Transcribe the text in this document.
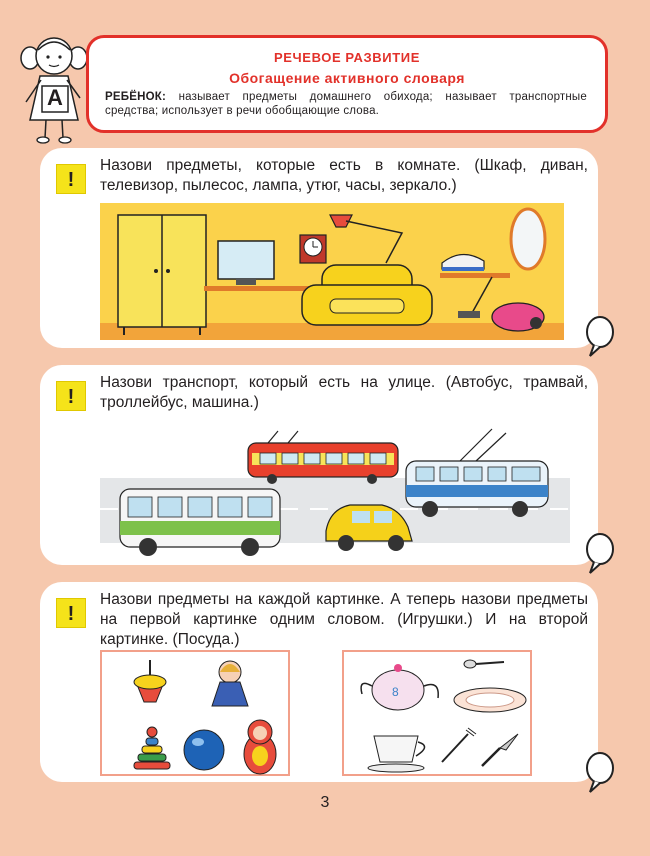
А
РЕЧЕВОЕ РАЗВИТИЕ
Обогащение активного словаря
РЕБЁНОК: называет предметы домашнего обихода; называет транспортные средства; использует в речи обобщающие слова.
!
Назови предметы, которые есть в комнате. (Шкаф, диван, телевизор, пылесос, лампа, утюг, часы, зеркало.)
!
Назови транспорт, который есть на улице. (Автобус, трамвай, троллейбус, машина.)
!
Назови предметы на каждой картинке. А теперь назови предметы на первой картинке одним словом. (Игрушки.) И на второй картинке. (Посуда.)
8
3
